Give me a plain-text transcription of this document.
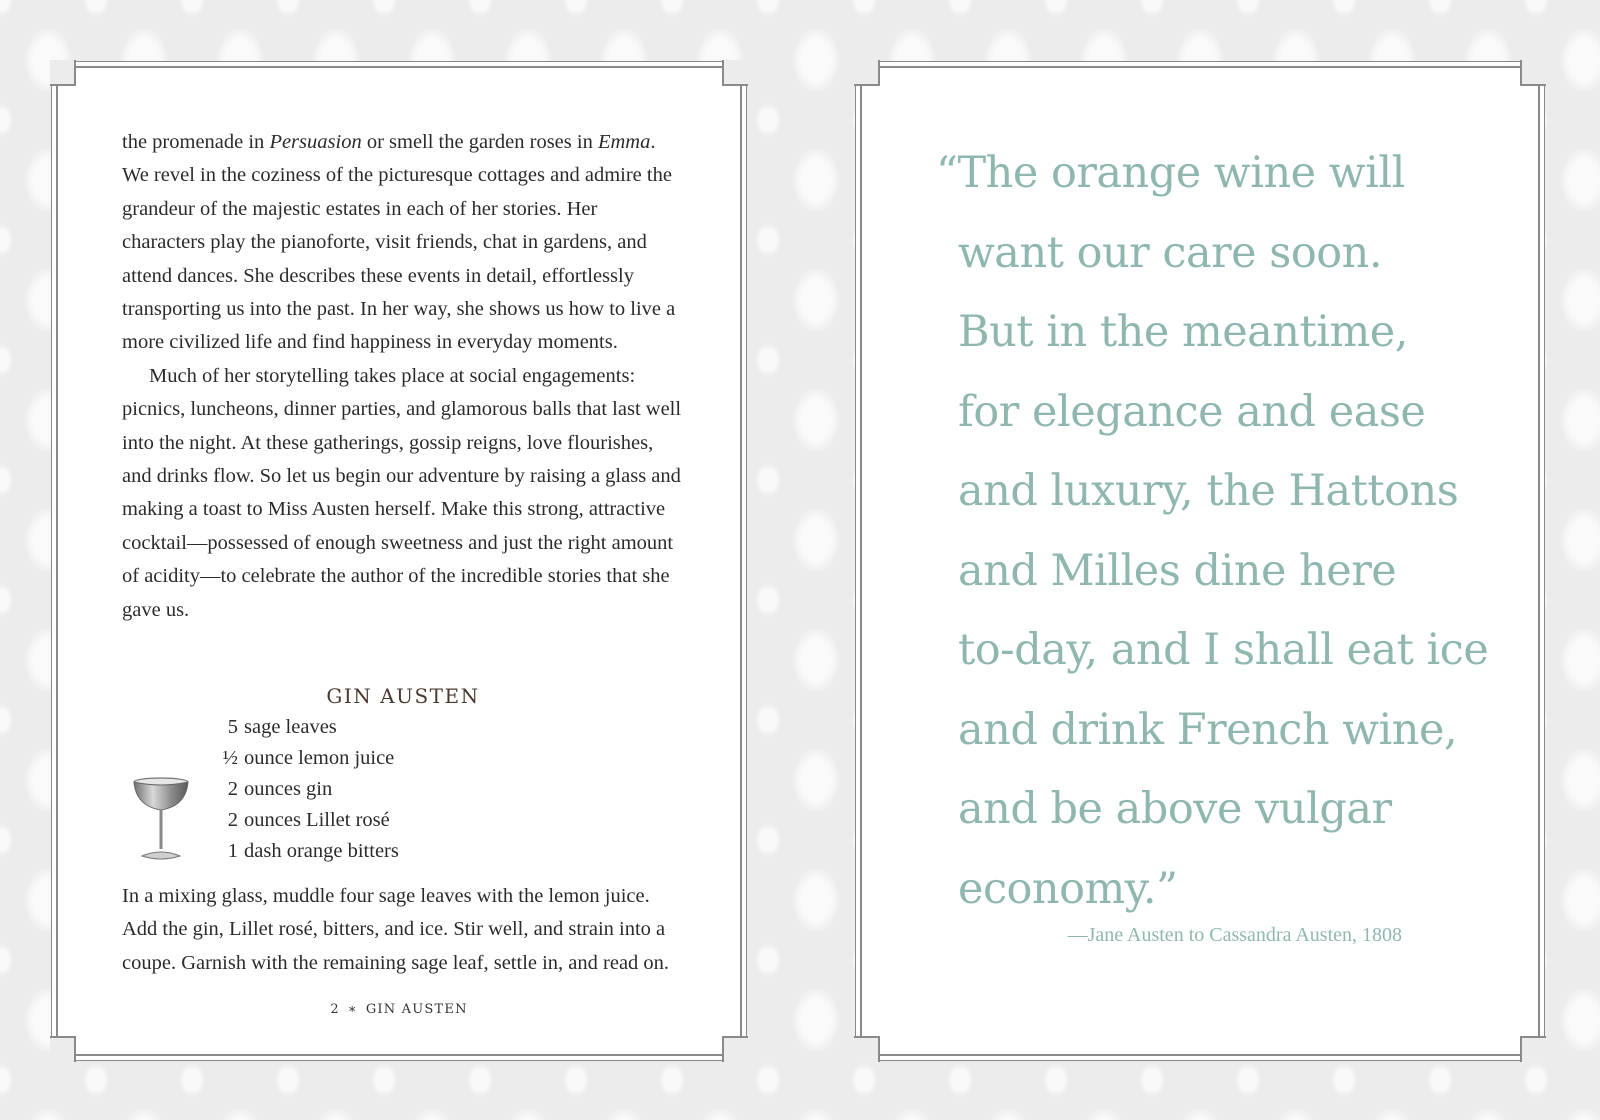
the promenade in Persuasion or smell the garden roses in Emma. We revel in the coziness of the picturesque cottages and admire the grandeur of the majestic estates in each of her stories. Her characters play the pianoforte, visit friends, chat in gardens, and attend dances. She describes these events in detail, effortlessly transporting us into the past. In her way, she shows us how to live a more civilized life and find happiness in everyday moments.

Much of her storytelling takes place at social engagements: picnics, luncheons, dinner parties, and glamorous balls that last well into the night. At these gatherings, gossip reigns, love flourishes, and drinks flow. So let us begin our adventure by raising a glass and making a toast to Miss Austen herself. Make this strong, attractive cocktail—possessed of enough sweetness and just the right amount of acidity—to celebrate the author of the incredible stories that she gave us.

GIN AUSTEN
5 sage leaves
½ ounce lemon juice
2 ounces gin
2 ounces Lillet rosé
1 dash orange bitters
In a mixing glass, muddle four sage leaves with the lemon juice. Add the gin, Lillet rosé, bitters, and ice. Stir well, and strain into a coupe. Garnish with the remaining sage leaf, settle in, and read on.
2 ∗ GIN AUSTEN
“The orange wine will
want our care soon.
But in the meantime,
for elegance and ease
and luxury, the Hattons
and Milles dine here
to-day, and I shall eat ice
and drink French wine,
and be above vulgar
economy.”
—Jane Austen to Cassandra Austen, 1808
